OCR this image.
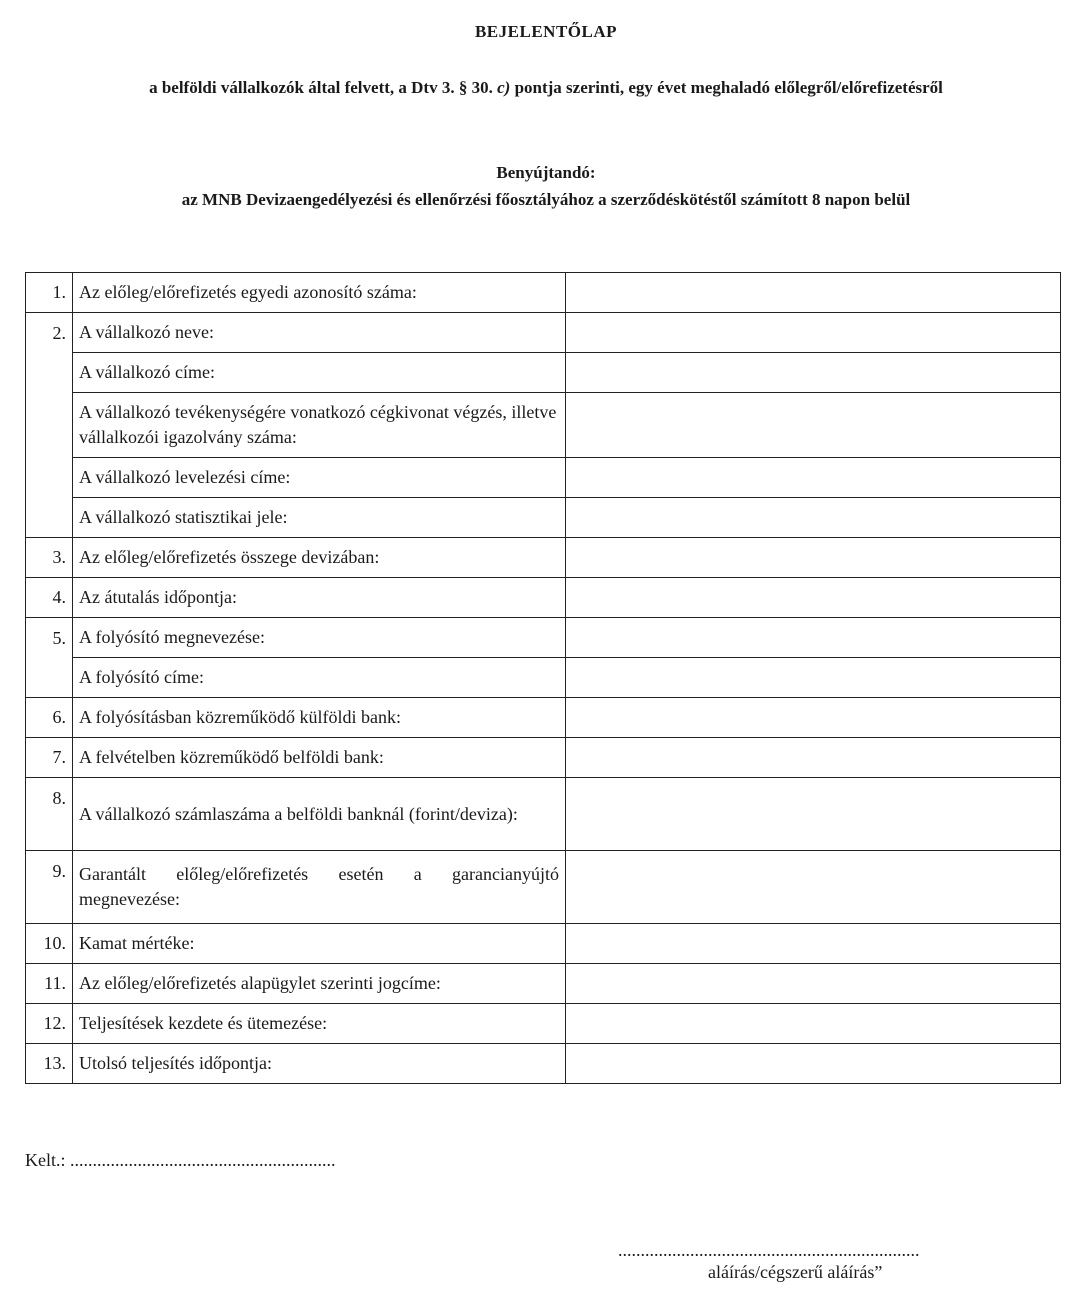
BEJELENTŐLAP
a belföldi vállalkozók által felvett, a Dtv 3. § 30. c) pontja szerinti, egy évet meghaladó előlegről/előrefizetésről
Benyújtandó:
az MNB Devizaengedélyezési és ellenőrzési főosztályához a szerződéskötéstől számított 8 napon belül
1.	Az előleg/előrefizetés egyedi azonosító száma:	
2.	A vállalkozó neve:	
	A vállalkozó címe:	
	A vállalkozó tevékenységére vonatkozó cégkivonat végzés, illetve vállalkozói igazolvány száma:	
	A vállalkozó levelezési címe:	
	A vállalkozó statisztikai jele:	
3.	Az előleg/előrefizetés összege devizában:	
4.	Az átutalás időpontja:	
5.	A folyósító megnevezése:	
	A folyósító címe:	
6.	A folyósításban közreműködő külföldi bank:	
7.	A felvételben közreműködő belföldi bank:	
8.	A vállalkozó számlaszáma a belföldi banknál (forint/deviza):	
9.	Garantált előleg/előrefizetés esetén a garancianyújtó megnevezése:	
10.	Kamat mértéke:	
11.	Az előleg/előrefizetés alapügylet szerinti jogcíme:	
12.	Teljesítések kezdete és ütemezése:	
13.	Utolsó teljesítés időpontja:	
Kelt.: ...........................................................
...................................................................
aláírás/cégszerű aláírás”
